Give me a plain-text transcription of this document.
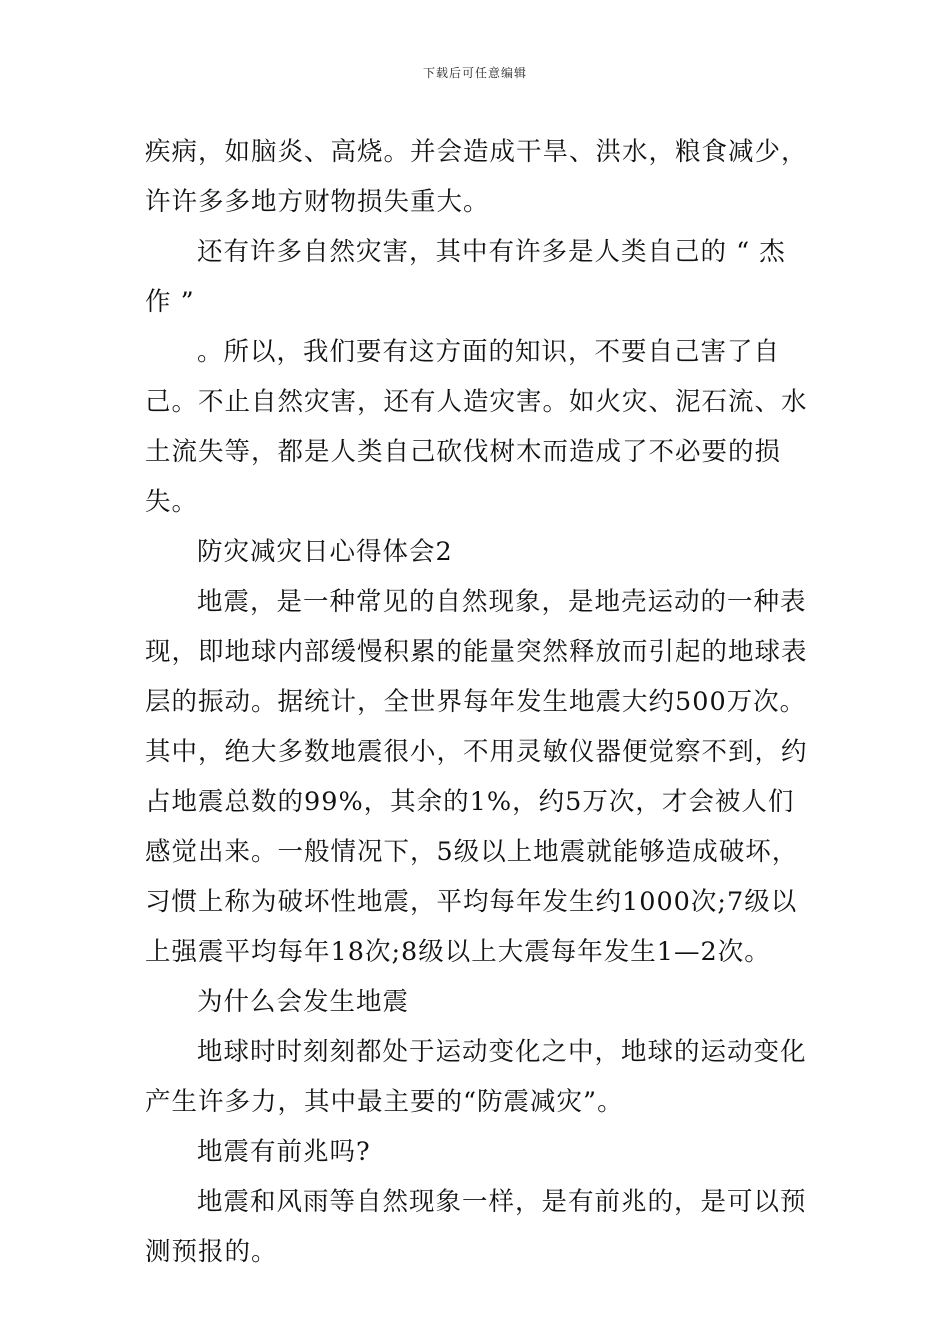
下载后可任意编辑

疾病，如脑炎、高烧。并会造成干旱、洪水，粮食减少，许许多多地方财物损失重大。

还有许多自然灾害，其中有许多是人类自己的 “ 杰作 ”

。所以，我们要有这方面的知识，不要自己害了自己。不止自然灾害，还有人造灾害。如火灾、泥石流、水土流失等，都是人类自己砍伐树木而造成了不必要的损失。

防灾减灾日心得体会2

地震，是一种常见的自然现象，是地壳运动的一种表现，即地球内部缓慢积累的能量突然释放而引起的地球表层的振动。据统计，全世界每年发生地震大约500万次。其中，绝大多数地震很小，不用灵敏仪器便觉察不到，约占地震总数的99%，其余的1%，约5万次，才会被人们感觉出来。一般情况下，5级以上地震就能够造成破坏，习惯上称为破坏性地震，平均每年发生约1000次;7级以上强震平均每年18次;8级以上大震每年发生1—2次。

为什么会发生地震

地球时时刻刻都处于运动变化之中，地球的运动变化产生许多力，其中最主要的“防震减灾”。

地震有前兆吗?

地震和风雨等自然现象一样，是有前兆的，是可以预测预报的。
